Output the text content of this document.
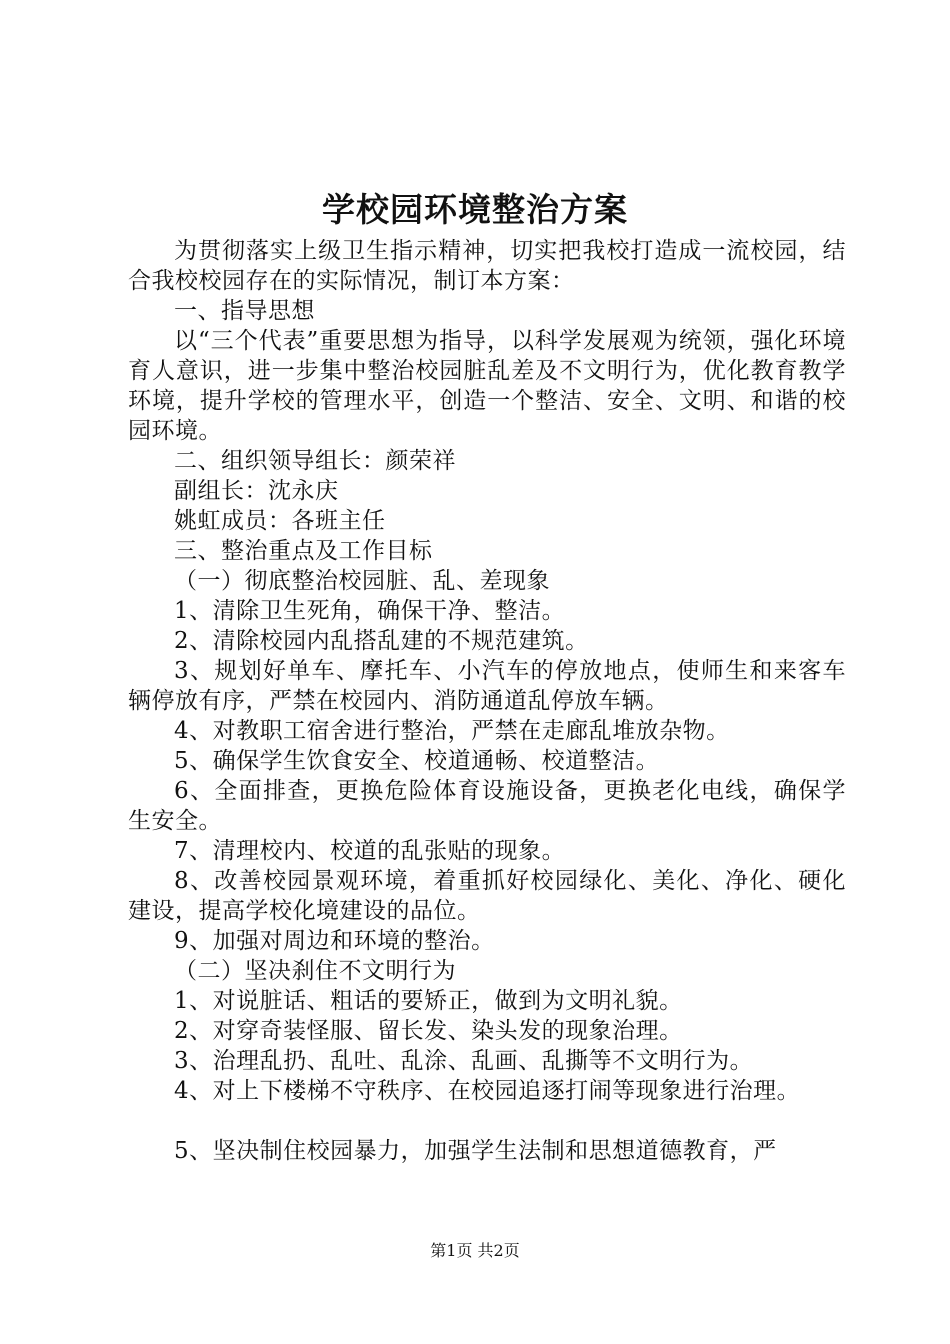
学校园环境整治方案

为贯彻落实上级卫生指示精神，切实把我校打造成一流校园，结合我校校园存在的实际情况，制订本方案：

一、指导思想

以“三个代表”重要思想为指导，以科学发展观为统领，强化环境育人意识，进一步集中整治校园脏乱差及不文明行为，优化教育教学环境，提升学校的管理水平，创造一个整洁、安全、文明、和谐的校园环境。

二、组织领导组长：颜荣祥

副组长：沈永庆

姚虹成员：各班主任

三、整治重点及工作目标

（一）彻底整治校园脏、乱、差现象

1、清除卫生死角，确保干净、整洁。

2、清除校园内乱搭乱建的不规范建筑。

3、规划好单车、摩托车、小汽车的停放地点，使师生和来客车辆停放有序，严禁在校园内、消防通道乱停放车辆。

4、对教职工宿舍进行整治，严禁在走廊乱堆放杂物。

5、确保学生饮食安全、校道通畅、校道整洁。

6、全面排查，更换危险体育设施设备，更换老化电线，确保学生安全。

7、清理校内、校道的乱张贴的现象。

8、改善校园景观环境，着重抓好校园绿化、美化、净化、硬化建设，提高学校化境建设的品位。

9、加强对周边和环境的整治。

（二）坚决刹住不文明行为

1、对说脏话、粗话的要矫正，做到为文明礼貌。

2、对穿奇装怪服、留长发、染头发的现象治理。

3、治理乱扔、乱吐、乱涂、乱画、乱撕等不文明行为。

4、对上下楼梯不守秩序、在校园追逐打闹等现象进行治理。

5、坚决制住校园暴力，加强学生法制和思想道德教育，严

第1页 共2页
